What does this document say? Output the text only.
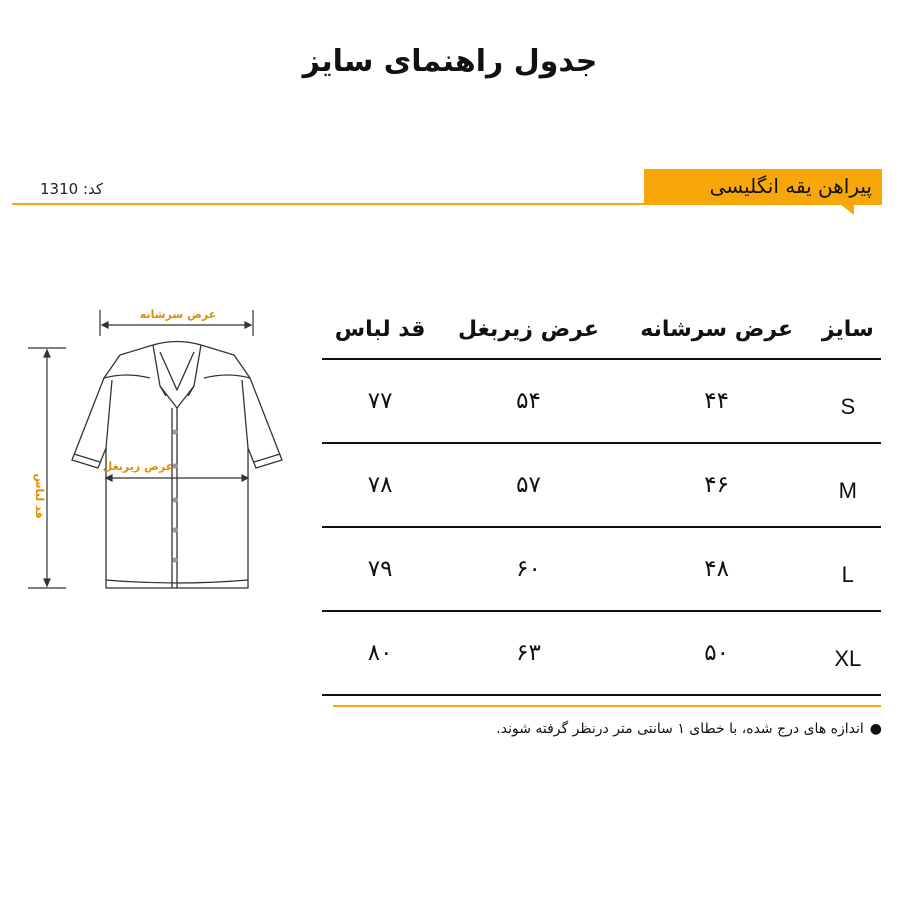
جدول راهنمای سایز
کد: 1310	پیراهن یقه انگلیسی
عرض سرشانه
قد لباس
عرض زیربغل
سایز	عرض سرشانه	عرض زیربغل	قد لباس
S	۴۴	۵۴	۷۷
M	۴۶	۵۷	۷۸
L	۴۸	۶۰	۷۹
XL	۵۰	۶۳	۸۰
●
اندازه های درج شده، با خطای ۱ سانتی متر درنظر گرفته شوند.
